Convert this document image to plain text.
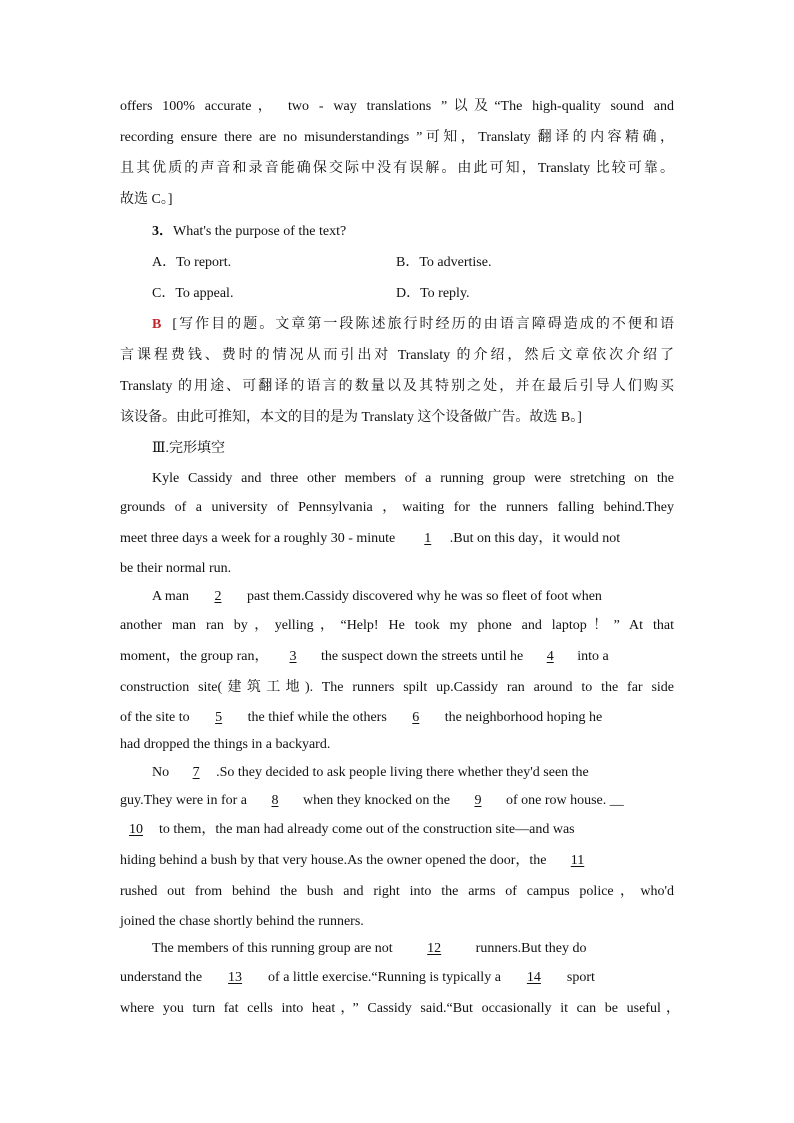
offers 100% accurate， two - way translations ”以及“The high-quality sound and
recording ensure there are no misunderstandings ”可知，Translaty 翻译的内容精确，
且其优质的声音和录音能确保交际中没有误解。由此可知，Translaty 比较可靠。
故选 C。]
3．What's the purpose of the text?
A．To report.	B．To advertise.
C．To appeal.	D．To reply.
B [写作目的题。文章第一段陈述旅行时经历的由语言障碍造成的不便和语
言课程费钱、费时的情况从而引出对 Translaty 的介绍，然后文章依次介绍了
Translaty 的用途、可翻译的语言的数量以及其特别之处，并在最后引导人们购买
该设备。由此可推知，本文的目的是为 Translaty 这个设备做广告。故选 B。]
Ⅲ.完形填空
Kyle Cassidy and three other members of a running group were stretching on the
grounds of a university of Pennsylvania ，waiting for the runners falling behind.They
meet three days a week for a roughly 30 - minute 1 .But on this day，it would not
be their normal run.
A man 2 past them.Cassidy discovered why he was so fleet of foot when
another man ran by，yelling，“Help! He took my phone and laptop！” At that
moment，the group ran， 3 the suspect down the streets until he 4 into a
construction site(建筑工地). The runners spilt up.Cassidy ran around to the far side
of the site to 5 the thief while the others 6 the neighborhood hoping he
had dropped the things in a backyard.
No 7 .So they decided to ask people living there whether they'd seen the
guy.They were in for a 8 when they knocked on the 9 of one row house. __
10 to them，the man had already come out of the construction site—and was
hiding behind a bush by that very house.As the owner opened the door，the 11
rushed out from behind the bush and right into the arms of campus police，who'd
joined the chase shortly behind the runners.
The members of this running group are not 12 runners.But they do
understand the 13 of a little exercise.“Running is typically a 14 sport
where you turn fat cells into heat，” Cassidy said.“But occasionally it can be useful，
